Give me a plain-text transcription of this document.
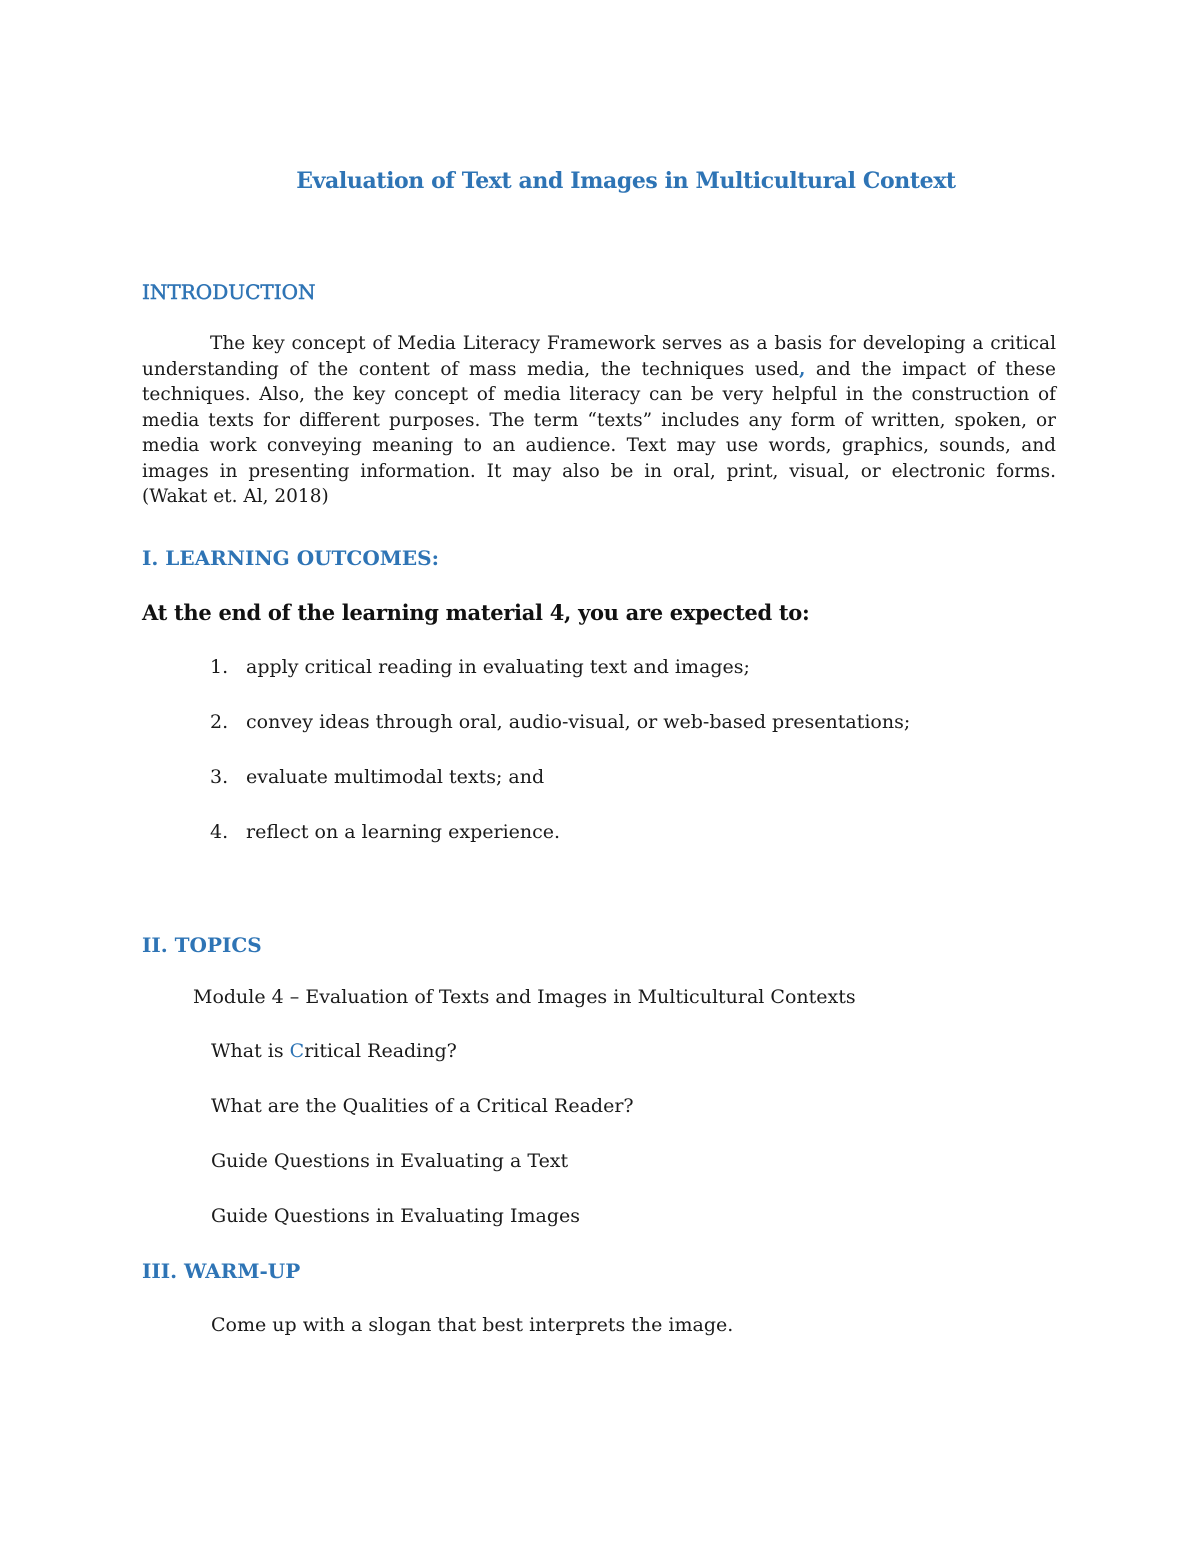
Evaluation of Text and Images in Multicultural Context
INTRODUCTION
The key concept of Media Literacy Framework serves as a basis for developing a critical understanding of the content of mass media, the techniques used, and the impact of these techniques. Also, the key concept of media literacy can be very helpful in the construction of media texts for different purposes. The term “texts” includes any form of written, spoken, or media work conveying meaning to an audience. Text may use words, graphics, sounds, and images in presenting information. It may also be in oral, print, visual, or electronic forms. (Wakat et. Al, 2018)
I. LEARNING OUTCOMES:
At the end of the learning material 4, you are expected to:
1. apply critical reading in evaluating text and images;
2. convey ideas through oral, audio-visual, or web-based presentations;
3. evaluate multimodal texts; and
4. reflect on a learning experience.
II. TOPICS
Module 4 – Evaluation of Texts and Images in Multicultural Contexts
What is Critical Reading?
What are the Qualities of a Critical Reader?
Guide Questions in Evaluating a Text
Guide Questions in Evaluating Images
III. WARM-UP
Come up with a slogan that best interprets the image.
